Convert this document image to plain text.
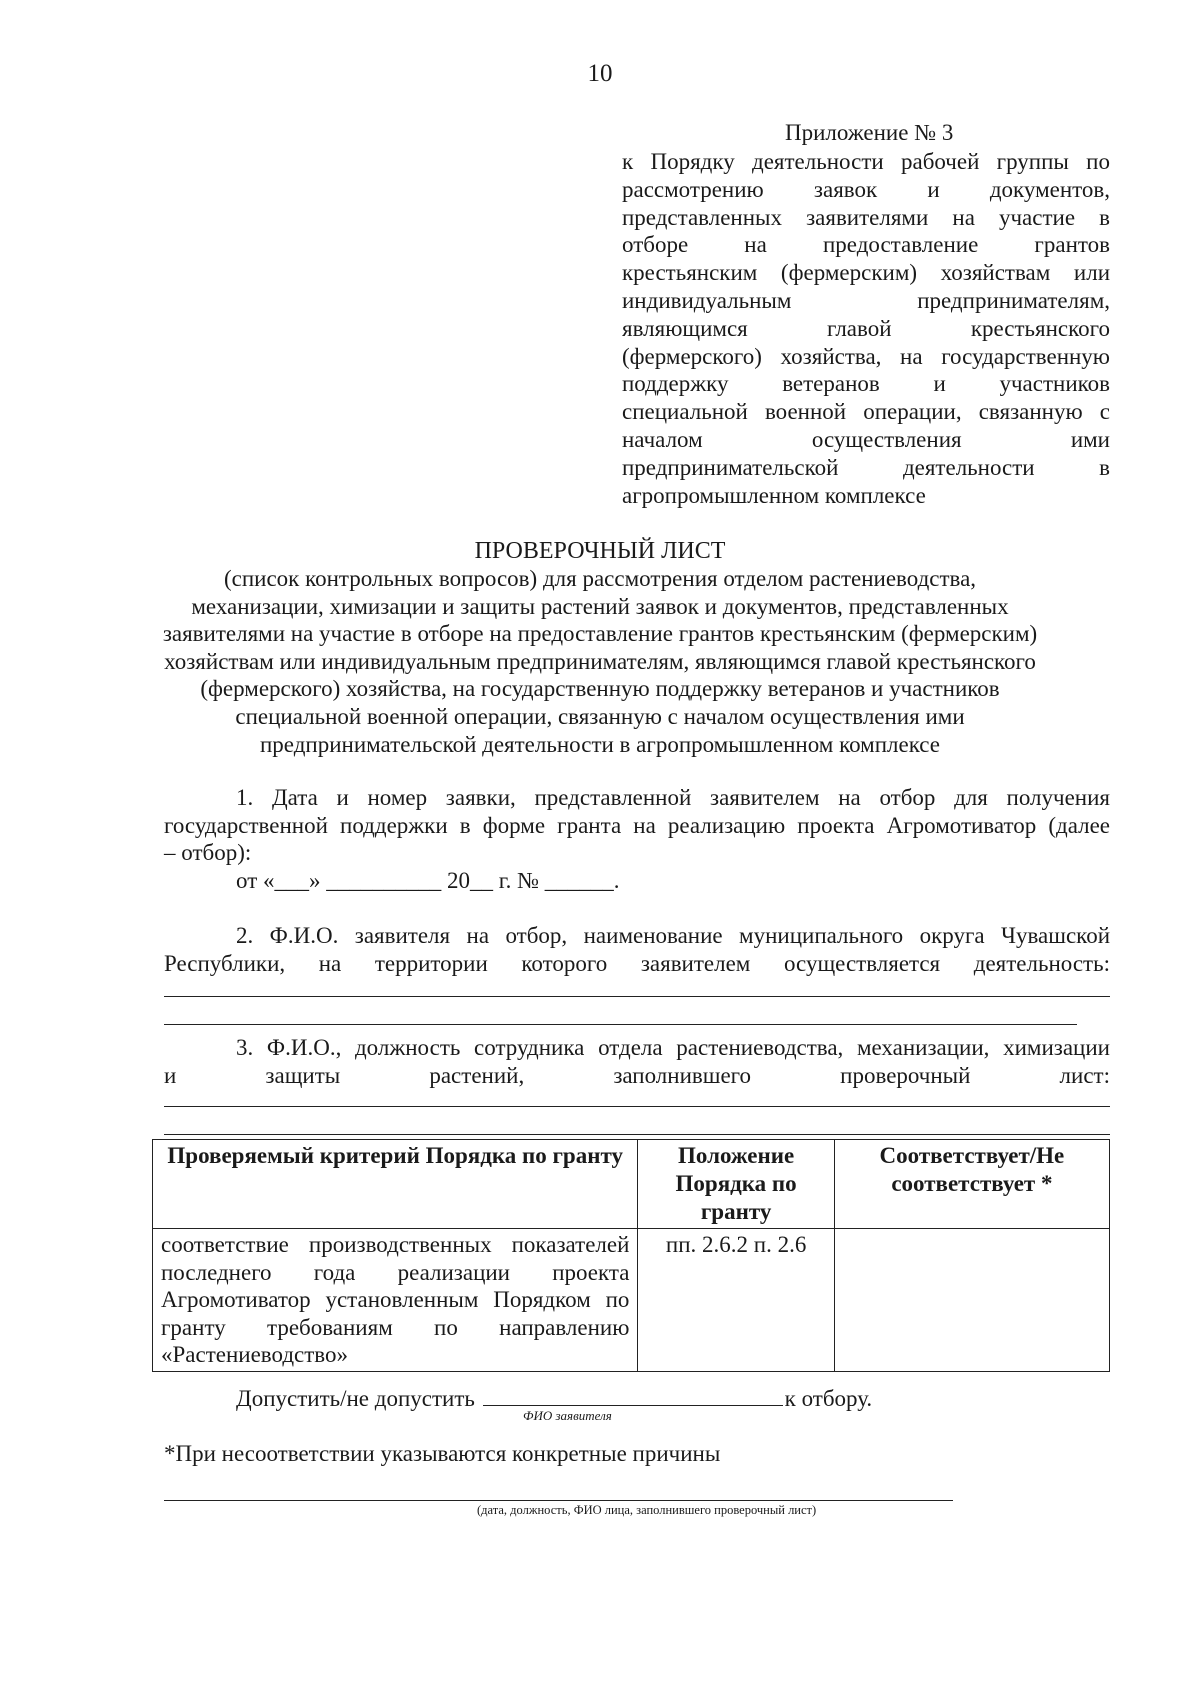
10
Приложение № 3
к Порядку деятельности рабочей группы по
рассмотрению заявок и документов,
представленных заявителями на участие в
отборе на предоставление грантов
крестьянским (фермерским) хозяйствам или
индивидуальным предпринимателям,
являющимся главой крестьянского
(фермерского) хозяйства, на государственную
поддержку ветеранов и участников
специальной военной операции, связанную с
началом осуществления ими
предпринимательской деятельности в
агропромышленном комплексе
ПРОВЕРОЧНЫЙ ЛИСТ
(список контрольных вопросов) для рассмотрения отделом растениеводства,
механизации, химизации и защиты растений заявок и документов, представленных
заявителями на участие в отборе на предоставление грантов крестьянским (фермерским)
хозяйствам или индивидуальным предпринимателям, являющимся главой крестьянского
(фермерского) хозяйства, на государственную поддержку ветеранов и участников
специальной военной операции, связанную с началом осуществления ими
предпринимательской деятельности в агропромышленном комплексе
1. Дата и номер заявки, представленной заявителем на отбор для получения
государственной поддержки в форме гранта на реализацию проекта Агромотиватор (далее
– отбор):
от «___» __________ 20__ г. № ______.
2. Ф.И.О. заявителя на отбор, наименование муниципального округа Чувашской
Республики, на территории которого заявителем осуществляется деятельность:
3. Ф.И.О., должность сотрудника отдела растениеводства, механизации, химизации
и защиты растений, заполнившего проверочный лист:
Проверяемый критерий Порядка по гранту	Положение Порядка по гранту	Соответствует/Не соответствует *

соответствие производственных показателей
последнего года реализации проекта
Агромотиватор установленным Порядком по
гранту требованиям по направлению
«Растениеводство»	пп. 2.6.2 п. 2.6	
Допустить/не допустить	к отбору.
ФИО заявителя
*При несоответствии указываются конкретные причины
(дата, должность, ФИО лица, заполнившего проверочный лист)
